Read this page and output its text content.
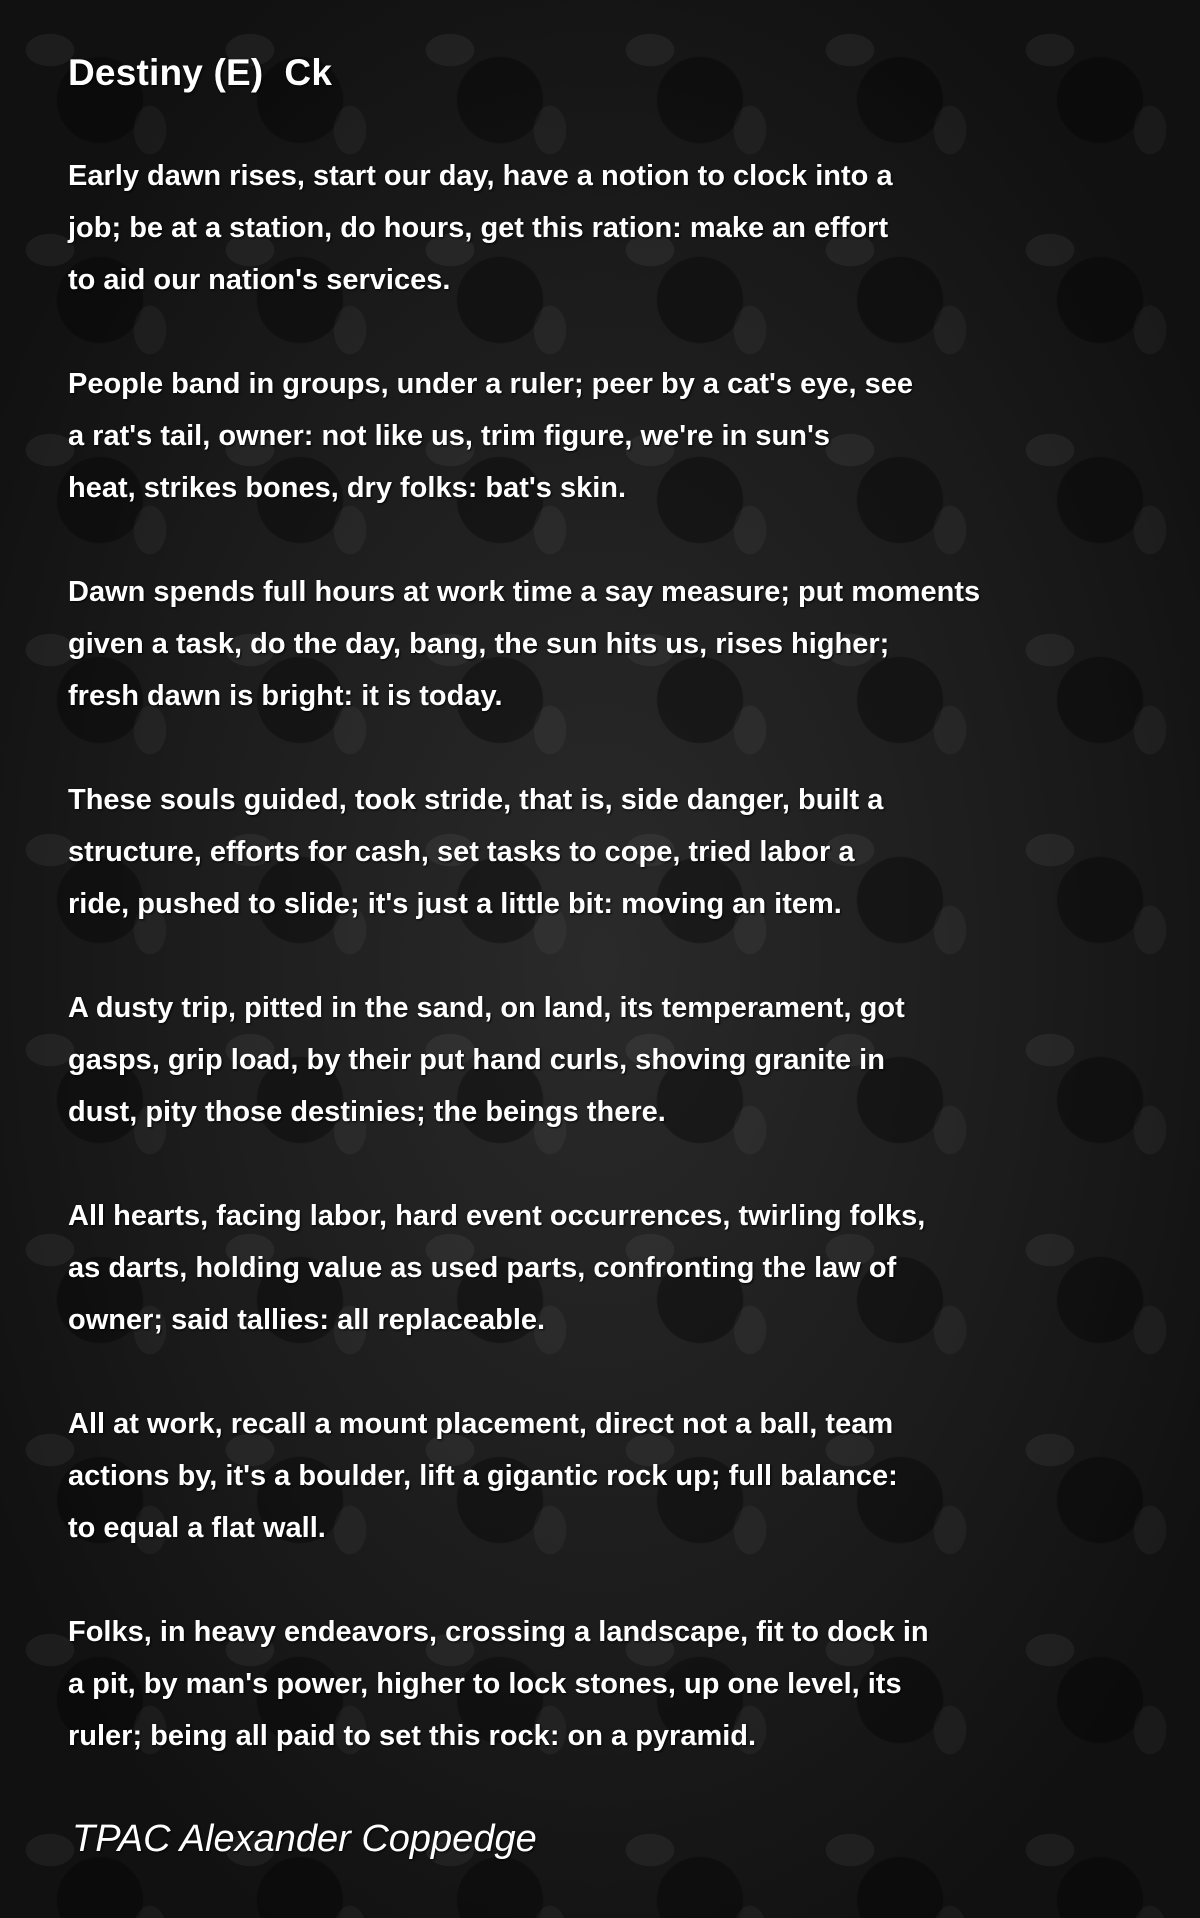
Destiny (E)  Ck

Early dawn rises, start our day, have a notion to clock into a
job; be at a station, do hours, get this ration: make an effort
to aid our nation's services.

People band in groups, under a ruler; peer by a cat's eye, see
a rat's tail, owner: not like us, trim figure, we're in sun's
heat, strikes bones, dry folks: bat's skin.

Dawn spends full hours at work time a say measure; put moments
given a task, do the day, bang, the sun hits us, rises higher;
fresh dawn is bright: it is today.

These souls guided, took stride, that is, side danger, built a
structure, efforts for cash, set tasks to cope, tried labor a
ride, pushed to slide; it's just a little bit: moving an item.

A dusty trip, pitted in the sand, on land, its temperament, got
gasps, grip load, by their put hand curls, shoving granite in
dust, pity those destinies; the beings there.

All hearts, facing labor, hard event occurrences, twirling folks,
as darts, holding value as used parts, confronting the law of
owner; said tallies: all replaceable.

All at work, recall a mount placement, direct not a ball, team
actions by, it's a boulder, lift a gigantic rock up; full balance:
to equal a flat wall.

Folks, in heavy endeavors, crossing a landscape, fit to dock in
a pit, by man's power, higher to lock stones, up one level, its
ruler; being all paid to set this rock: on a pyramid.

TPAC Alexander Coppedge
